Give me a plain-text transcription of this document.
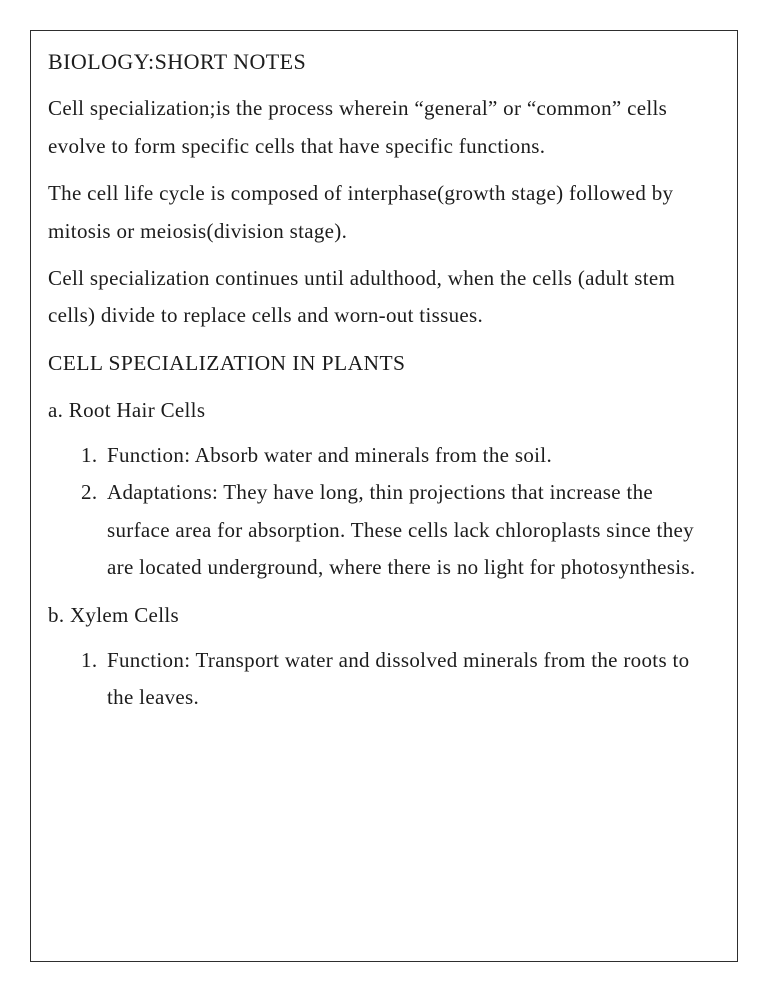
BIOLOGY:SHORT NOTES

Cell specialization;is the process wherein “general” or “common” cells evolve to form specific cells that have specific functions.

The cell life cycle is composed of interphase(growth stage) followed by mitosis or meiosis(division stage).

Cell specialization continues until adulthood, when the cells (adult stem cells) divide to replace cells and worn-out tissues.

CELL SPECIALIZATION IN PLANTS

a. Root Hair Cells

1. Function: Absorb water and minerals from the soil.
2. Adaptations: They have long, thin projections that increase the surface area for absorption. These cells lack chloroplasts since they are located underground, where there is no light for photosynthesis.

b. Xylem Cells

1. Function: Transport water and dissolved minerals from the roots to the leaves.
